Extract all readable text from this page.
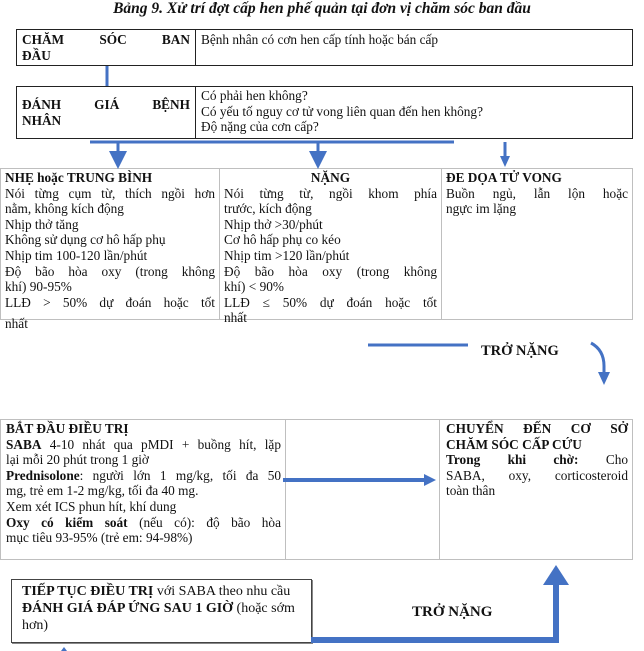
Bảng 9. Xử trí đợt cấp hen phế quản tại đơn vị chăm sóc ban đầu
CHĂM	SÓC	BAN
ĐẦU
Bệnh nhân có cơn hen cấp tính hoặc bán cấp
ĐÁNH GIÁ BỆNH
NHÂN
Có phải hen không?
Có yếu tố nguy cơ tử vong liên quan đến hen không?
Độ nặng của cơn cấp?
NHẸ hoặc TRUNG BÌNH
Nói từng cụm từ, thích ngồi hơn
nằm, không kích động
Nhịp thở tăng
Không sử dụng cơ hô hấp phụ
Nhịp tim 100-120 lần/phút
Độ bão hòa oxy (trong không
khí) 90-95%
LLĐ > 50% dự đoán hoặc tốt
nhất
NẶNG
Nói từng từ, ngồi khom phía
trước, kích động
Nhịp thở >30/phút
Cơ hô hấp phụ co kéo
Nhịp tim >120 lần/phút
Độ bão hòa oxy (trong không
khí) < 90%
LLĐ ≤ 50% dự đoán hoặc tốt
nhất
ĐE DỌA TỬ VONG
Buồn ngủ, lẫn lộn hoặc
ngực im lặng
TRỞ NẶNG
BẮT ĐẦU ĐIỀU TRỊ
SABA 4-10 nhát qua pMDI + buồng hít, lặp
lại mỗi 20 phút trong 1 giờ
Prednisolone: người lớn 1 mg/kg, tối đa 50
mg, trẻ em 1-2 mg/kg, tối đa 40 mg.
Xem xét ICS phun hít, khí dung
Oxy có kiểm soát (nếu có): độ bão hòa
mục tiêu 93-95% (trẻ em: 94-98%)
CHUYỂN ĐẾN CƠ SỞ
CHĂM SÓC CẤP CỨU
Trong khi chờ: Cho
SABA, oxy, corticosteroid
toàn thân
TIẾP TỤC ĐIỀU TRỊ với SABA theo nhu cầu
ĐÁNH GIÁ ĐÁP ỨNG SAU 1 GIỜ (hoặc sớm
hơn)
TRỞ NẶNG
